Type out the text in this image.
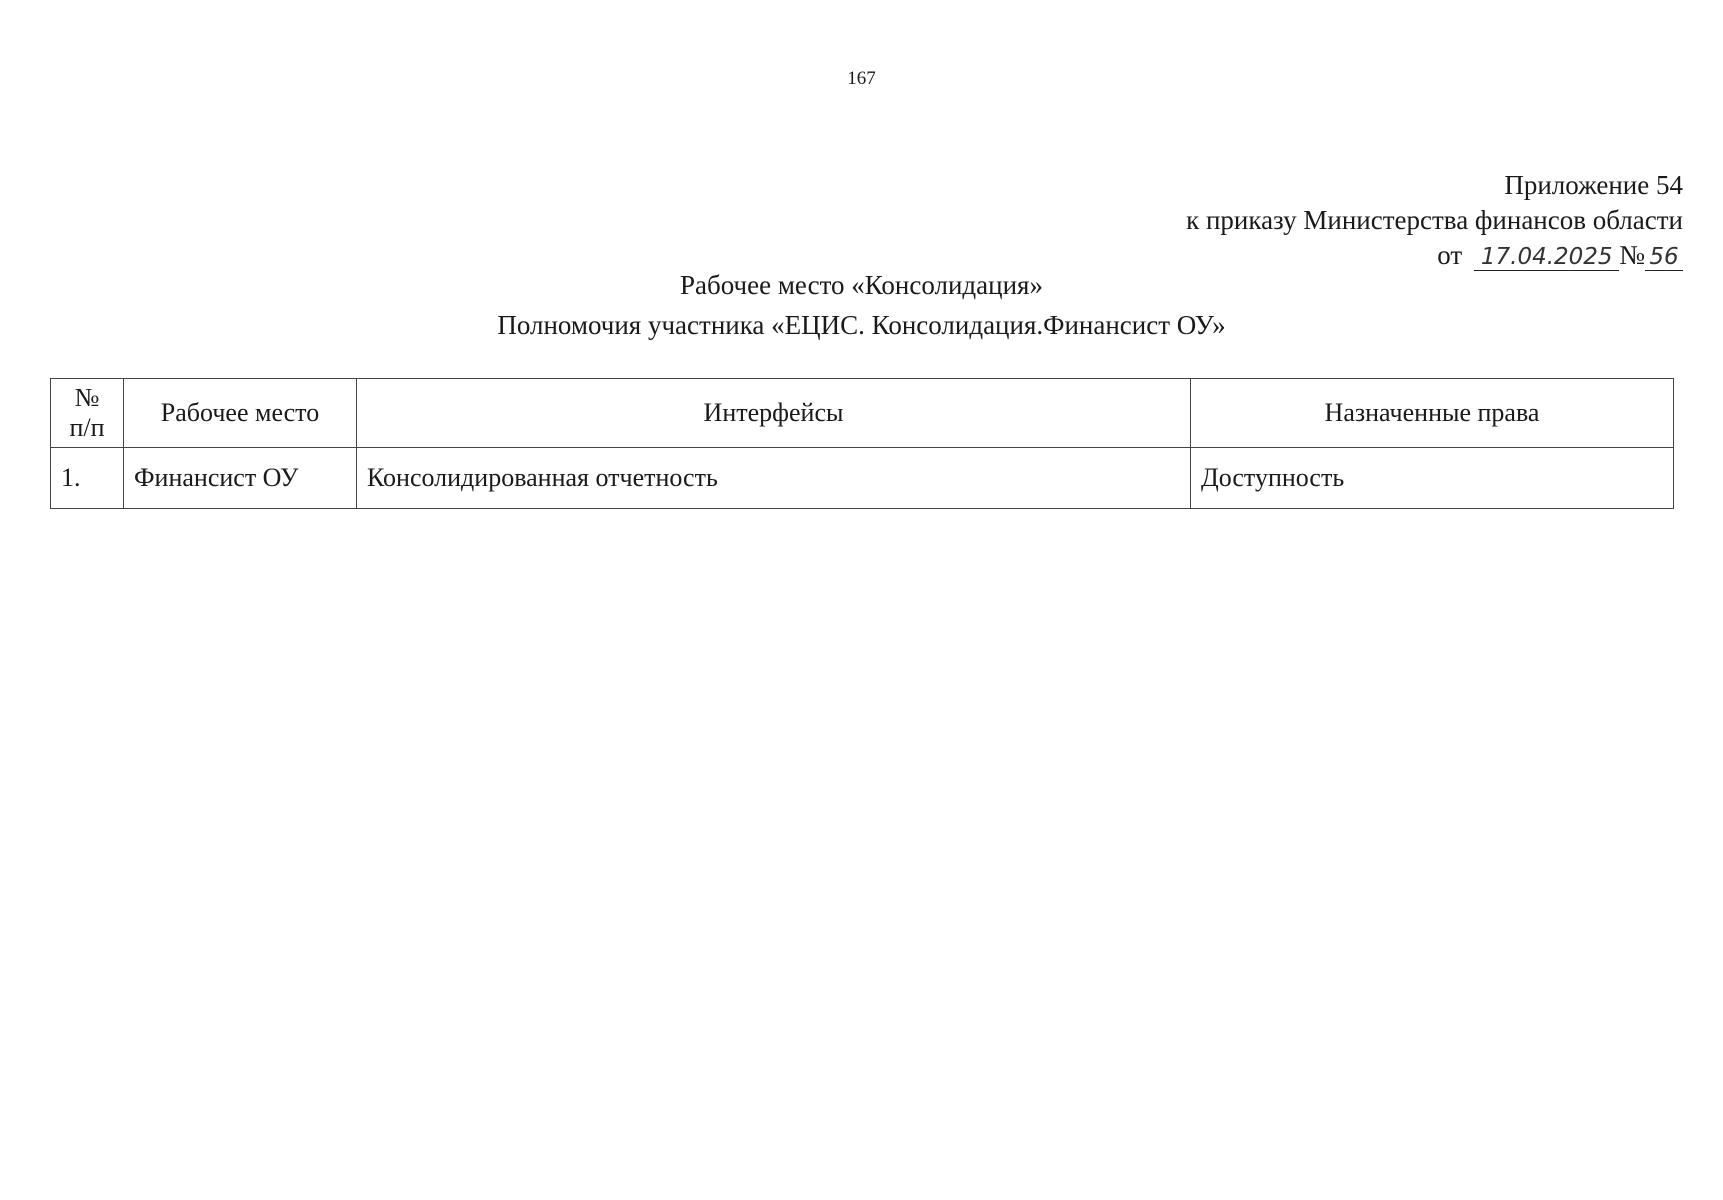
167
Приложение 54
к приказу Министерства финансов области
от 17.04.2025 № 56
Рабочее место «Консолидация»
Полномочия участника «ЕЦИС. Консолидация.Финансист ОУ»
№
п/п	Рабочее место	Интерфейсы	Назначенные права
1.	Финансист ОУ	Консолидированная отчетность	Доступность
